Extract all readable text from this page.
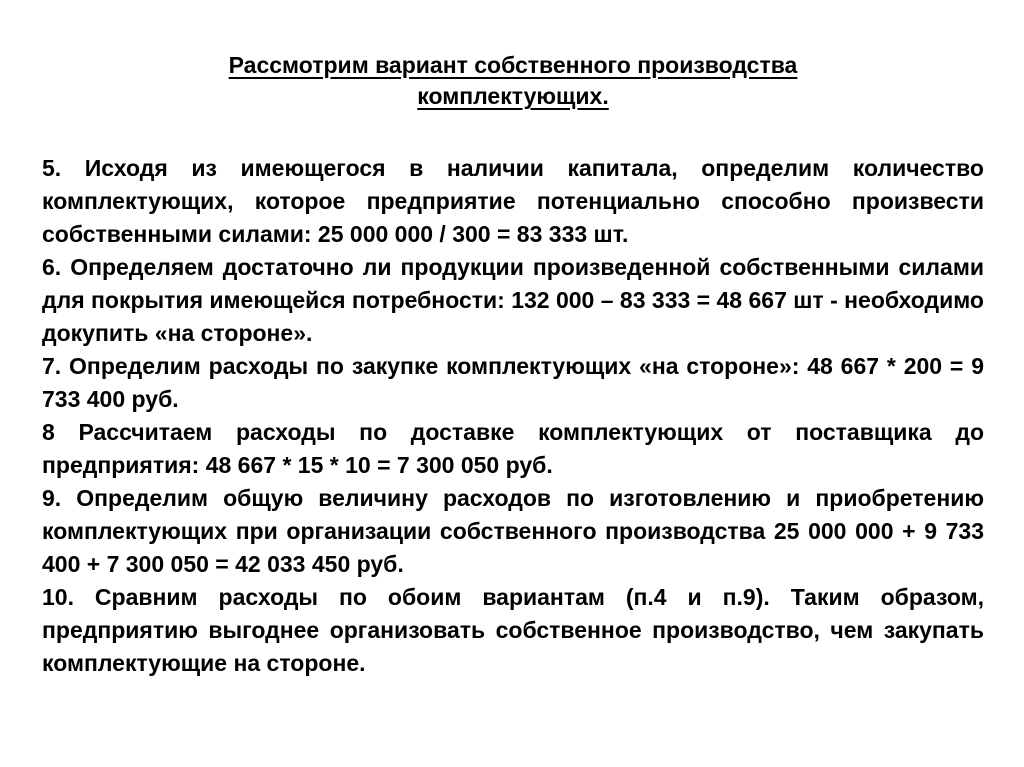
Рассмотрим вариант собственного производства комплектующих.

5. Исходя из имеющегося в наличии капитала, определим количество комплектующих, которое предприятие потенциально способно произвести собственными силами: 25 000 000 / 300 = 83 333 шт.

6. Определяем достаточно ли продукции произведенной собственными силами для покрытия имеющейся потребности: 132 000 – 83 333 = 48 667 шт - необходимо докупить «на стороне».

7. Определим расходы по закупке комплектующих «на стороне»: 48 667 * 200 = 9 733 400 руб.

8 Рассчитаем расходы по доставке комплектующих от поставщика до предприятия: 48 667 * 15 * 10 = 7 300 050 руб.

9. Определим общую величину расходов по изготовлению и приобретению комплектующих при организации собственного производства 25 000 000 + 9 733 400 + 7 300 050 = 42 033 450 руб.

10. Сравним расходы по обоим вариантам (п.4 и п.9). Таким образом, предприятию выгоднее организовать собственное производство, чем закупать комплектующие на стороне.
